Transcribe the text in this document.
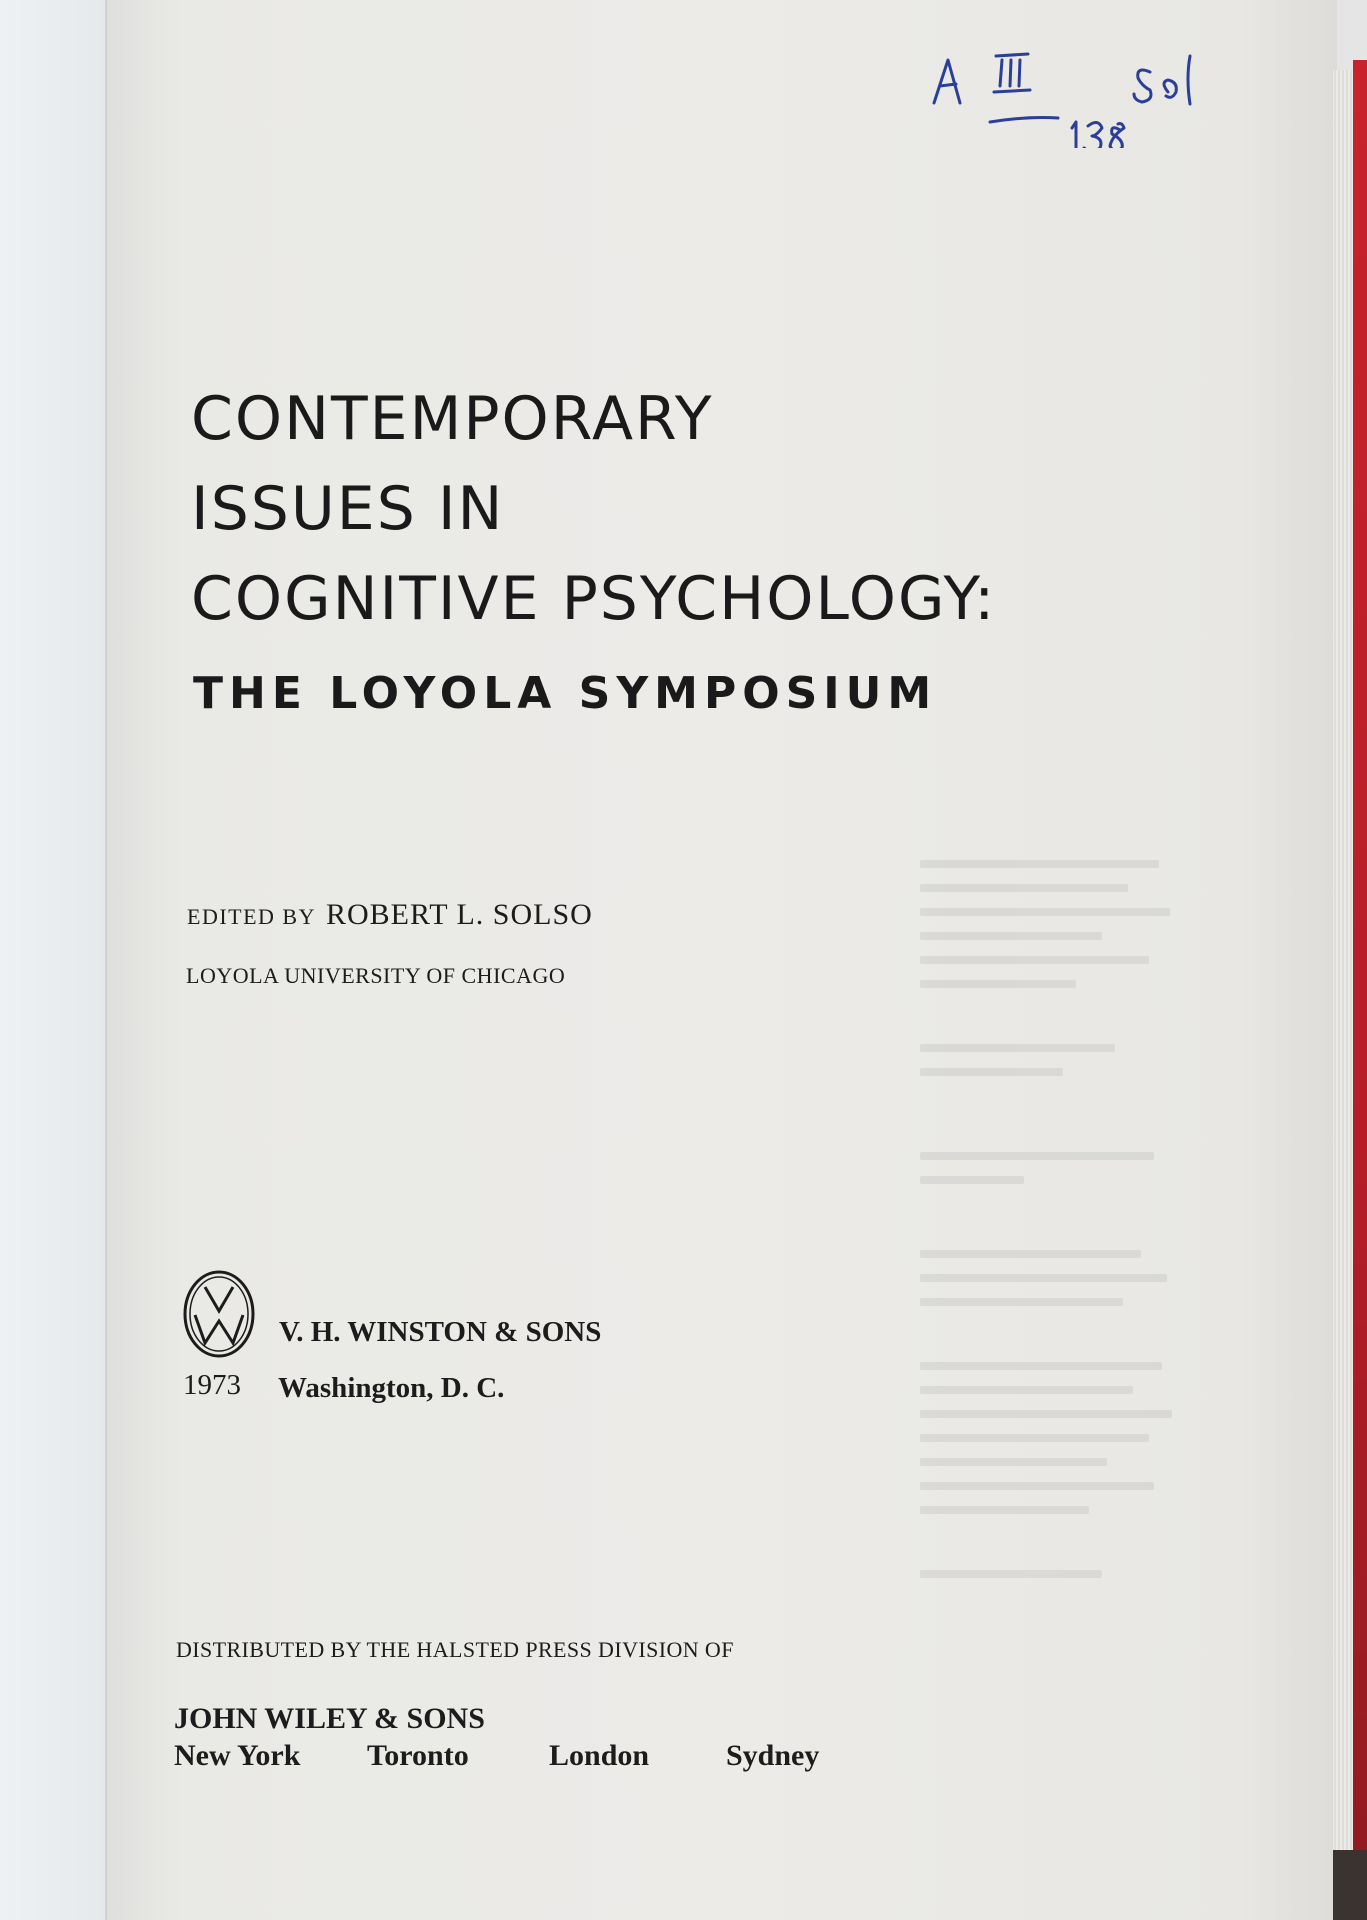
CONTEMPORARY
ISSUES IN
COGNITIVE PSYCHOLOGY:
THE LOYOLA SYMPOSIUM
EDITED BY ROBERT L. SOLSO
LOYOLA UNIVERSITY OF CHICAGO
V. H. WINSTON & SONS
1973 Washington, D. C.
DISTRIBUTED BY THE HALSTED PRESS DIVISION OF
JOHN WILEY & SONS
New York Toronto	London	Sydney
